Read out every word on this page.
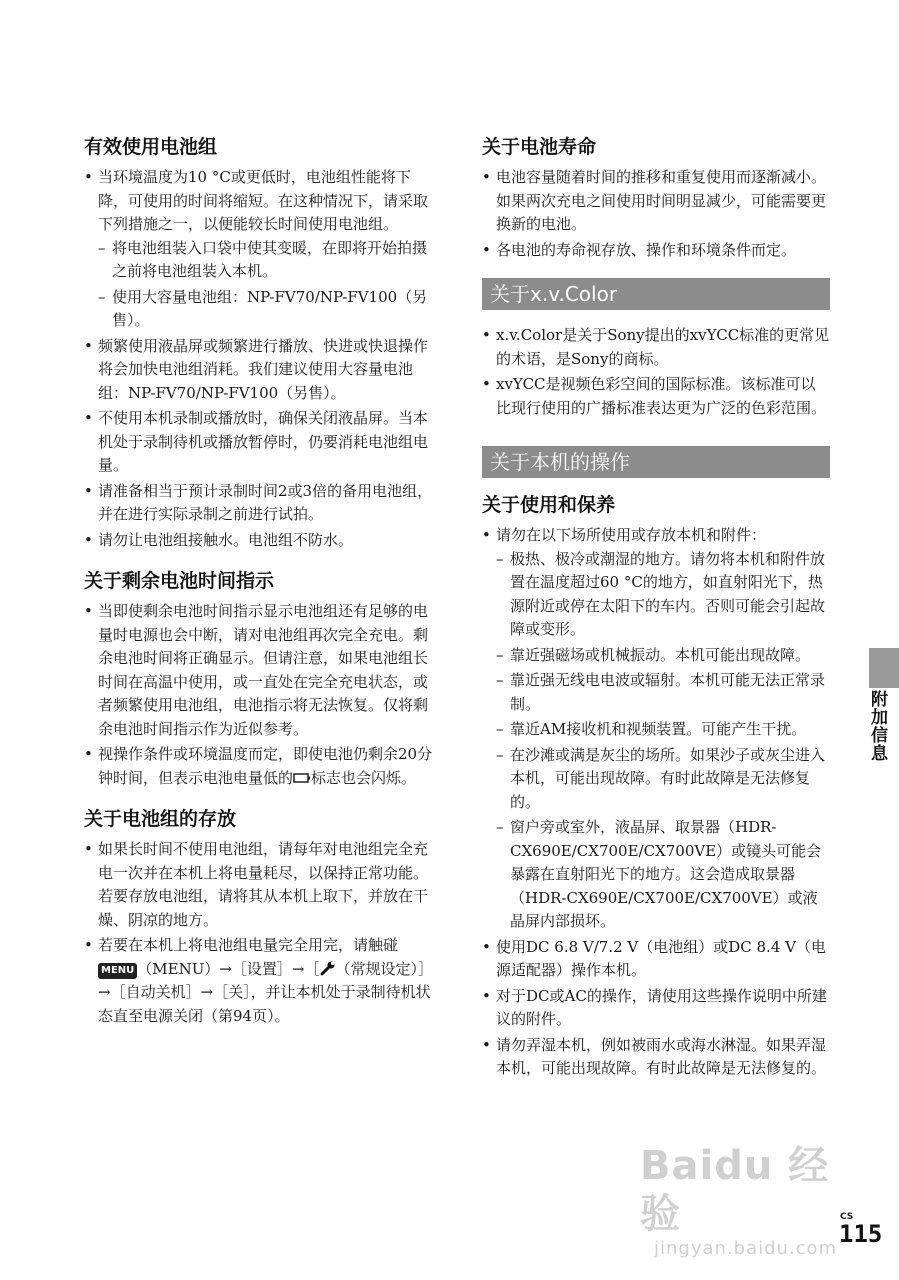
有效使用电池组
• 当环境温度为10 °C或更低时，电池组性能将下降，可使用的时间将缩短。在这种情况下，请采取下列措施之一，以便能较长时间使用电池组。
– 将电池组装入口袋中使其变暖，在即将开始拍摄之前将电池组装入本机。
– 使用大容量电池组：NP-FV70/NP-FV100（另售）。
• 频繁使用液晶屏或频繁进行播放、快进或快退操作将会加快电池组消耗。我们建议使用大容量电池组：NP-FV70/NP-FV100（另售）。
• 不使用本机录制或播放时，确保关闭液晶屏。当本机处于录制待机或播放暂停时，仍要消耗电池组电量。
• 请准备相当于预计录制时间2或3倍的备用电池组，并在进行实际录制之前进行试拍。
• 请勿让电池组接触水。电池组不防水。
关于剩余电池时间指示
• 当即使剩余电池时间指示显示电池组还有足够的电量时电源也会中断，请对电池组再次完全充电。剩余电池时间将正确显示。但请注意，如果电池组长时间在高温中使用，或一直处在完全充电状态，或者频繁使用电池组，电池指示将无法恢复。仅将剩余电池时间指示作为近似参考。
• 视操作条件或环境温度而定，即使电池仍剩余20分钟时间，但表示电池电量低的 标志也会闪烁。
关于电池组的存放
• 如果长时间不使用电池组，请每年对电池组完全充电一次并在本机上将电量耗尽，以保持正常功能。若要存放电池组，请将其从本机上取下，并放在干燥、阴凉的地方。
• 若要在本机上将电池组电量完全用完，请触碰MENU （MENU）→［设置］→［ （常规设定）］→［自动关机］→［关］，并让本机处于录制待机状态直至电源关闭（第94页）。
关于电池寿命
• 电池容量随着时间的推移和重复使用而逐渐减小。如果两次充电之间使用时间明显减少，可能需要更换新的电池。
• 各电池的寿命视存放、操作和环境条件而定。
关于x.v.Color
• x.v.Color是关于Sony提出的xvYCC标准的更常见的术语，是Sony的商标。
• xvYCC是视频色彩空间的国际标准。该标准可以比现行使用的广播标准表达更为广泛的色彩范围。
关于本机的操作
关于使用和保养
• 请勿在以下场所使用或存放本机和附件：
– 极热、极冷或潮湿的地方。请勿将本机和附件放置在温度超过60 °C的地方，如直射阳光下，热源附近或停在太阳下的车内。否则可能会引起故障或变形。
– 靠近强磁场或机械振动。本机可能出现故障。
– 靠近强无线电电波或辐射。本机可能无法正常录制。
– 靠近AM接收机和视频装置。可能产生干扰。
– 在沙滩或满是灰尘的场所。如果沙子或灰尘进入本机，可能出现故障。有时此故障是无法修复的。
– 窗户旁或室外，液晶屏、取景器（HDR-CX690E/CX700E/CX700VE）或镜头可能会暴露在直射阳光下的地方。这会造成取景器（HDR-CX690E/CX700E/CX700VE）或液晶屏内部损坏。
• 使用DC 6.8 V/7.2 V（电池组）或DC 8.4 V（电源适配器）操作本机。
• 对于DC或AC的操作，请使用这些操作说明中所建议的附件。
• 请勿弄湿本机，例如被雨水或海水淋湿。如果弄湿本机，可能出现故障。有时此故障是无法修复的。
附加信息
Baidu 经验
jingyan.baidu.com
CS
115
